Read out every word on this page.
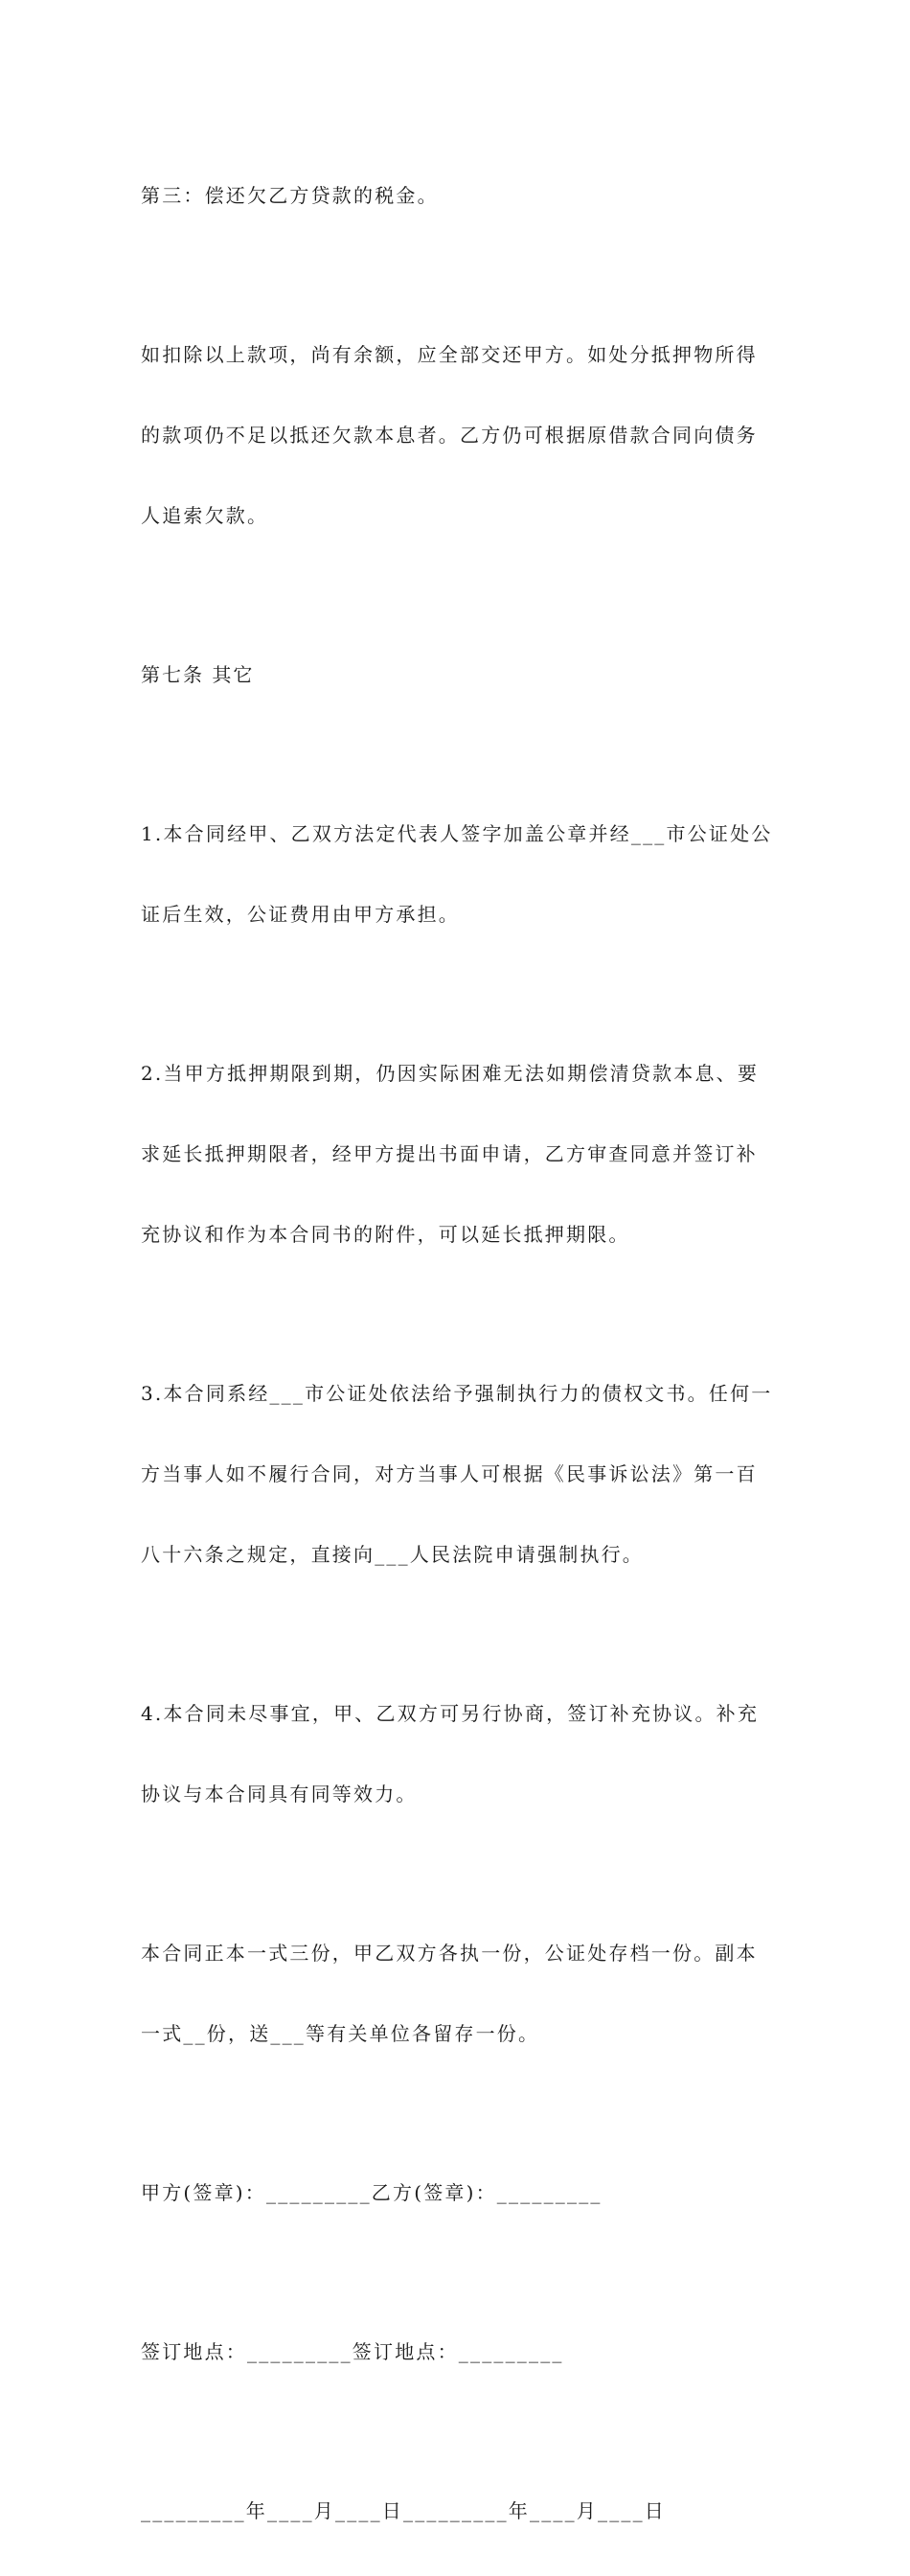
第三：偿还欠乙方贷款的税金。

如扣除以上款项，尚有余额，应全部交还甲方。如处分抵押物所得

的款项仍不足以抵还欠款本息者。乙方仍可根据原借款合同向债务

人追索欠款。

第七条 其它

1.本合同经甲、乙双方法定代表人签字加盖公章并经___市公证处公

证后生效，公证费用由甲方承担。

2.当甲方抵押期限到期，仍因实际困难无法如期偿清贷款本息、要

求延长抵押期限者，经甲方提出书面申请，乙方审查同意并签订补

充协议和作为本合同书的附件，可以延长抵押期限。

3.本合同系经___市公证处依法给予强制执行力的债权文书。任何一

方当事人如不履行合同，对方当事人可根据《民事诉讼法》第一百

八十六条之规定，直接向___人民法院申请强制执行。

4.本合同未尽事宜，甲、乙双方可另行协商，签订补充协议。补充

协议与本合同具有同等效力。

本合同正本一式三份，甲乙双方各执一份，公证处存档一份。副本

一式__份，送___等有关单位各留存一份。

甲方(签章)：_________乙方(签章)：_________

签订地点：_________签订地点：_________

_________年____月____日_________年____月____日
